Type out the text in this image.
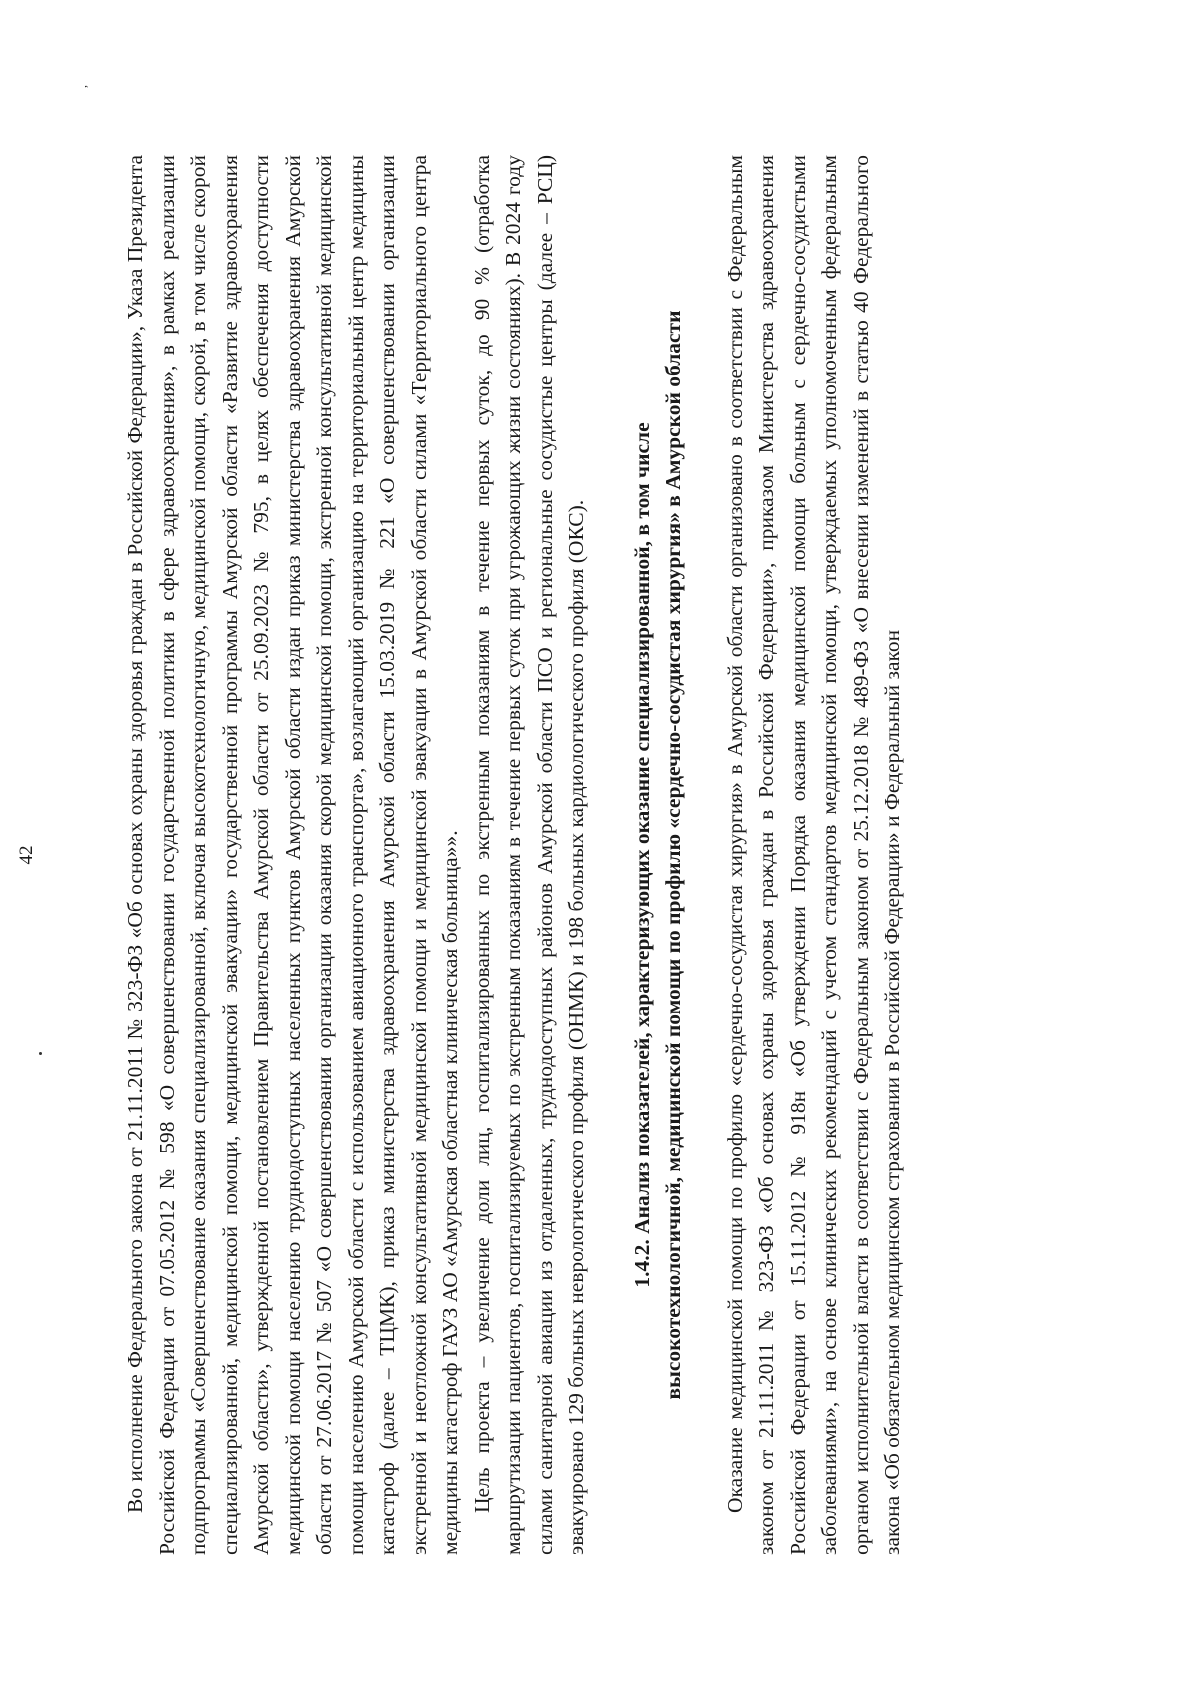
42
,

Во исполнение Федерального закона от 21.11.2011 № 323-ФЗ «Об основах охраны здоровья граждан в Российской Федерации», Указа Президента Российской Федерации от 07.05.2012 № 598 «О совершенствовании государственной политики в сфере здравоохранения», в рамках реализации подпрограммы «Совершенствование оказания специализированной, включая высокотехнологичную, медицинской помощи, скорой, в том числе скорой специализированной, медицинской помощи, медицинской эвакуации» государственной программы Амурской области «Развитие здравоохранения Амурской области», утвержденной постановлением Правительства Амурской области от 25.09.2023 № 795, в целях обеспечения доступности медицинской помощи населению труднодоступных населенных пунктов Амурской области издан приказ министерства здравоохранения Амурской области от 27.06.2017 № 507 «О совершенствовании организации оказания скорой медицинской помощи, экстренной консультативной медицинской помощи населению Амурской области с использованием авиационного транспорта», возлагающий организацию на территориальный центр медицины катастроф (далее – ТЦМК), приказ министерства здравоохранения Амурской области 15.03.2019 № 221 «О совершенствовании организации экстренной и неотложной консультативной медицинской помощи и медицинской эвакуации в Амурской области силами «Территориального центра медицины катастроф ГАУЗ АО «Амурская областная клиническая больница»». Цель проекта – увеличение доли лиц, госпитализированных по экстренным показаниям в течение первых суток, до 90 % (отработка маршрутизации пациентов, госпитализируемых по экстренным показаниям в течение первых суток при угрожающих жизни состояниях). В 2024 году силами санитарной авиации из отдаленных, труднодоступных районов Амурской области ПСО и региональные сосудистые центры (далее – РСЦ) эвакуировано 129 больных неврологического профиля (ОНМК) и 198 больных кардиологического профиля (ОКС). 1.4.2. Анализ показателей, характеризующих оказание специализированной, в том числе высокотехнологичной, медицинской помощи по профилю «сердечно-сосудистая хирургия» в Амурской области Оказание медицинской помощи по профилю «сердечно-сосудистая хирургия» в Амурской области организовано в соответствии с Федеральным законом от 21.11.2011 № 323-ФЗ «Об основах охраны здоровья граждан в Российской Федерации», приказом Министерства здравоохранения Российской Федерации от 15.11.2012 № 918н «Об утверждении Порядка оказания медицинской помощи больным с сердечно-сосудистыми заболеваниями», на основе клинических рекомендаций с учетом стандартов медицинской помощи, утверждаемых уполномоченным федеральным органом исполнительной власти в соответствии с Федеральным законом от 25.12.2018 № 489-ФЗ «О внесении изменений в статью 40 Федерального закона «Об обязательном медицинском страховании в Российской Федерации» и Федеральный закон
